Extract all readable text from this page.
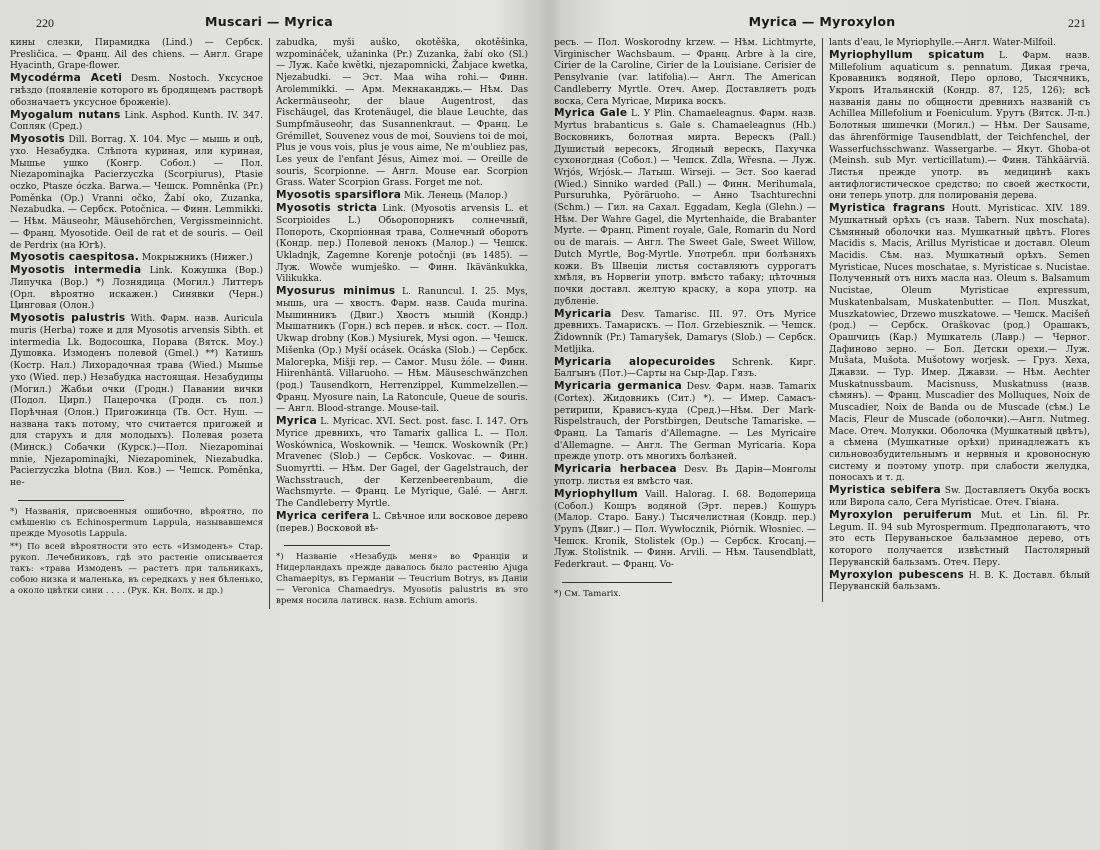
220	Muscari — Myrica

кины слезки, Пирамидка (Lind.) — Сербск. Presličica. — Франц. Ail des chiens. — Англ. Grape Hyacinth, Grape-flower.

Mycodérma Aceti Desm. Nostoch. Уксусное гнѣздо (появленіе которого въ бродящемъ растворѣ обозначаетъ уксусное броженіе).

Myogalum nutans Link. Asphod. Kunth. IV. 347. Сопляк (Сред.)

Myosotis Dill. Borrag. X. 104. Мус — мышь и оцѣ, ухо. Незабудка. Слѣпота куриная, или куриная, Мышье ушко (Конгр. Собол.) — Пол. Niezapominajka Pacierzyczka (Scorpiurus), Ptasie oczko, Ptasze óczka. Barwa.— Чешск. Pomněnka (Pr.) Poměnka (Op.) Vranni očko, Žabí oko, Zuzanka, Nezabudka. — Сербск. Potočnica. — Финн. Lemmikki.— Нѣм. Mäuseohr, Mäusehörchen, Vergissmeinnicht. — Франц. Myosotide. Oeil de rat et de souris. — Oeil de Perdrix (на Югѣ).

Myosotis caespitosa. Мокрыжникъ (Нижег.)

Myosotis intermedia Link. Кожушка (Вор.) Липучка (Вор.) *) Лознядица (Могил.) Литтеръ (Орл. вѣроятно искажен.) Синявки (Черн.) Цинговая (Олон.)

Myosotis palustris With. Фарм. назв. Auricula muris (Herba) тоже и для Myosotis arvensis Sibth. et intermedia Lk. Водосошка, Порава (Вятск. Моу.) Душовка. Измоденъ полевой (Gmel.) **) Катишъ (Костр. Нал.) Лихорадочная трава (Wied.) Мышье ухо (Wied. пер.) Незабудка настоящая. Незабудицы (Могил.) Жабьи очки (Гродн.) Павании вички (Подол. Цирп.) Пацерочка (Гродн. съ пол.) Порѣчная (Олон.) Пригожинца (Тв. Ост. Нуш. — названа такъ потому, что считается пригожей и для старухъ и для молодыхъ). Полевая розета (Минск.) Собачки (Курск.)—Пол. Niezapominai mnie, Njezapominajki, Niezapominek, Niezabudka. Pacierzyczka błotna (Вил. Ков.) — Чешск. Poměnka, не-

*) Названія, присвоенныя ошибочно, вѣроятно, по смѣшенію съ Echinospermum Lappula, называвшемся прежде Myosotis Lappula.

**) По всей вѣроятности это есть «Измоденъ» Стар. рукоп. Лечебниковъ, гдѣ это растеніе описывается такъ: «трава Измоденъ — растетъ при тальникахъ, собою низка и маленька, въ середкахъ у нея бѣленько, а около цвѣтки сини . . . . (Рук. Кн. Волх. и др.)

zabudka, myši auško, okotěška, okotěšinka, wzpomináček, užaninka (Pr.) Zuzanka, žabí oko (Sl.) — Луж. Kače kwětki, njezapomnicki, Žabjace kwetka, Njezabudki. — Эст. Maa wiha rohi.— Финн. Arolemmikki. — Арм. Мекнаканджь.— Нѣм. Das Ackermäuseohr, der blaue Augentrost, das Fischäugel, das Krotenäugel, die blaue Leuchte, das Sumpfmäuseohr, das Susannenkraut. — Франц. Le Grémillet, Souvenez vous de moi, Souviens toi de moi, Plus je vous vois, plus je vous aime, Ne m'oubliez pas, Les yeux de l'enfant Jésus, Aimez moi. — Oreille de souris, Scorpionne. — Англ. Mouse ear. Scorpion Grass. Water Scorpion Grass. Forget me not.

Myosotis sparsiflora Mik. Ленець (Малор.)

Myosotis stricta Link. (Myosotis arvensis L. et Scorpioides L.) Обьоропорникъ солнечный, Попороть, Скорпіонная трава, Солнечный оборотъ (Кондр. пер.) Полевой ленокъ (Малор.) — Чешск. Ukladnjk, Zagemne Korenje potočnji (въ 1485). — Луж. Wowče wumješko. — Финн. Ikävänkukka, Vilikukka.

Myosurus minimus L. Ranuncul. I. 25. Mys, мышь, ura — хвостъ. Фарм. назв. Cauda murina. Мышинникъ (Двиг.) Хвостъ мышій (Кондр.) Мышатникъ (Горн.) всѣ перев. и нѣск. сост. — Пол. Ukwap drobny (Ков.) Mysiurek, Mysi ogon. — Чешск. Mišenka (Op.) Myší ocásek. Ocáska (Slob.) — Сербск. Maloгepka, Mišji rep. — Самог. Musu žóle. — Финн. Hiirenhäntä. Villaruoho. — Нѣм. Mäuseschwänzchen (род.) Tausendkorn, Herrenzippel, Kummelzellen.—Франц. Myosure nain, La Ratoncule, Queue de souris. — Англ. Blood-strange. Mouse-tail.

Myrica L. Myricac. XVI. Sect. post. fasc. I. 147. Отъ Myrice древнихъ, что Tamarix gallica L. — Пол. Woskównica, Woskownik. — Чешск. Woskowník (Pr.) Mravenec (Slob.) — Сербск. Voskovac. — Финн. Suomyrtti. — Нѣм. Der Gagel, der Gagelstrauch, der Wachsstrauch, der Kerzenbeerenbaum, die Wachsmyrte. — Франц. Le Myrique, Galé. — Англ. The Candleberry Myrtle.

Myrica cerifera L. Свѣчное или восковое дерево (перев.) Восковой вѣ-

*) Названіе «Незабудь меня» во Франціи и Нидерландахъ прежде давалось было растенію Ajuga Chamaepitys, въ Германіи — Teucrium Botrys, въ Даніи — Veronica Chamaedrys. Myosotis palustris въ это время носила латинск. назв. Echium amoris.

Myrica — Myroxylon	221

ресъ. — Пол. Woskorodny krzew. — Нѣм. Lichtmyrte, Virginischer Wachsbaum. — Франц. Arbre à la cire, Cirier de la Caroline, Cirier de la Louisiane. Cerisier de Pensylvanie (var. latifolia).— Англ. The American Candleberry Myrtle. Отеч. Амер. Доставляетъ родъ воска, Cera Myricae, Мирика воскъ.

Myrica Gale L. У Plin. Chamaeleagnus. Фарм. назв. Myrtus brabanticus s. Gale s. Chamaeleagnus (Hb.) Восковникъ, болотная мирта. Верескъ (Pall.) Душистый вересокъ, Ягодный верескъ, Пахучка сухоногдная (Собол.) — Чешск. Zdla, Wřesna. — Луж. Wrjós, Wrjósk.— Латыш. Wirseji. — Эст. Soo kaerad (Wied.) Sinniko warded (Pall.) — Финн. Merihumala, Pursuruhka, Pyöräruoho. — Анно Tsachturechni (Schm.) — Гил. на Сахал. Eggadam, Kegla (Glehn.) — Нѣм. Der Wahre Gagel, die Myrtenhaide, die Brabanter Myrte. — Франц. Piment royale, Gale, Romarin du Nord ou de marais. — Англ. The Sweet Gale, Sweet Willow, Dutch Myrtle, Bog-Myrtle. Употребл. при болѣзняхъ кожи. Въ Швеціи листья составляютъ суррогатъ хмѣля, въ Норвегіи употр. вмѣсто табаку; цѣточныя почки доставл. желтую краску, а кора употр. на дубленіе.

Myricaria Desv. Tamarisc. III. 97. Отъ Myrice древнихъ. Тамарискъ. — Пол. Grzebiesznik. — Чешск. Židownník (Pr.) Tamaryšek, Damarys (Slob.) — Сербск. Metljika.

Myricaria alopecuroides Schrenk. Кирг. Балгынъ (Пот.)—Сарты на Сыр-Дар. Гязъ.

Myricaria germanica Desv. Фарм. назв. Tamarix (Cortex). Жидовникъ (Сит.) *). — Имер. Самасъ-ретирипи, Крависъ-куда (Сред.)—Нѣм. Der Mark-Rispelstrauch, der Porstbirgen, Deutsche Tamariske. — Франц. La Tamaris d'Allemagne. — Les Myricaire d'Allemagne. — Англ. The German Myricaria. Кора прежде употр. отъ многихъ болѣзней.

Myricaria herbacea Desv. Въ Дарін—Монголы употр. листья ея вмѣсто чая.

Myriophyllum Vaill. Halorag. I. 68. Водоперица (Собол.) Кошръ водяной (Эрт. перев.) Кошуръ (Малор. Старо. Бану.) Тысячелистная (Кондр. пер.) Урупъ (Двиг.) — Пол. Wywłocznik, Piórnik. Włosniec. — Чешск. Kronik, Stolistek (Op.) — Сербск. Krocanj.— Луж. Stolistnik. — Финн. Arvili. — Нѣм. Tausendblatt, Federkraut. — Франц. Vo-

*) См. Tamarix.

lants d'eau, le Myriophylle.—Англ. Water-Milfoil.

Myriophyllum spicatum L. Фарм. назв. Millefolium aquaticum s. pennatum. Дикая греча, Кровавникъ водяной, Перо орлово, Тысячникъ, Укропъ Итальянскій (Кондр. 87, 125, 126); всѣ названія даны по общности древнихъ названій съ Achillea Millefolium и Foeniculum. Урутъ (Вятск. Л-п.) Болотныя шишечки (Могил.) — Нѣм. Der Sausame, das ährenförmige Tausendblatt, der Teichfenchel, der Wasserfuchsschwanz. Wassergarbe. — Якут. Ghoba-ot (Meinsh. sub Myr. verticillatum).— Финн. Tähkäärviä. Листья прежде употр. въ медицинѣ какъ антифлогистическое средство; по своей жесткости, они теперь употр. для полированія дерева.

Myristica fragrans Houtt. Myristicac. XIV. 189. Мушкатный орѣхъ (съ назв. Tabern. Nux moschata). Сѣмянный оболочки наз. Мушкатный цвѣтъ. Flores Macidis s. Macis, Arillus Myristicae и доставл. Oleum Macidis. Сѣм. наз. Мушкатный орѣхъ. Semen Myristicae, Nuces moschatae, s. Myristicae s. Nucistae. Полученный отъ нихъ масла наз. Oleum s. Balsamum Nucistae, Oleum Myristicae expressum, Muskatenbalsam, Muskatenbutter. — Пол. Muszkat, Muszkatowiec, Drzewo muszkatowe. — Чешск. Macišeň (род.) — Сербск. Oraškovac (род.) Орашакъ, Орашчицъ (Кар.) Мушкатель (Лавр.) — Черног. Дафиново зерно. — Бол. Детски орехи.— Луж. Mušata, Mušota. Mušotowy worjesk. — Груз. Хеха, Джавзи. — Тур. Имер. Джавзи. — Нѣм. Aechter Muskatnussbaum. Macisnuss, Muskatnuss (назв. сѣмянъ). — Франц. Muscadier des Molluques, Noix de Muscadier, Noix de Banda ou de Muscade (сѣм.) Le Macis, Fleur de Muscade (оболочки).—Англ. Nutmeg. Mace. Отеч. Молукки. Оболочка (Мушкатный цвѣтъ), а сѣмена (Мушкатные орѣхи) принадлежатъ къ сильновозбудительнымъ и нервныя и кровоносную систему и поэтому употр. при слабости желудка, поносахъ и т. д.

Myristica sebifera Sw. Доставляетъ Окуба воскъ или Вирола сало, Сега Myristicae. Отеч. Гвіана.

Myroxylon peruiferum Mut. et Lin. fil. Pr. Legum. II. 94 sub Myrospermum. Предполагаютъ, что это есть Перуваньское бальзамное дерево, отъ которого получается извѣстный Пастолярный Перуванскій бальзамъ. Отеч. Перу.

Myroxylon pubescens H. B. K. Доставл. бѣлый Перуванскій бальзамъ.
